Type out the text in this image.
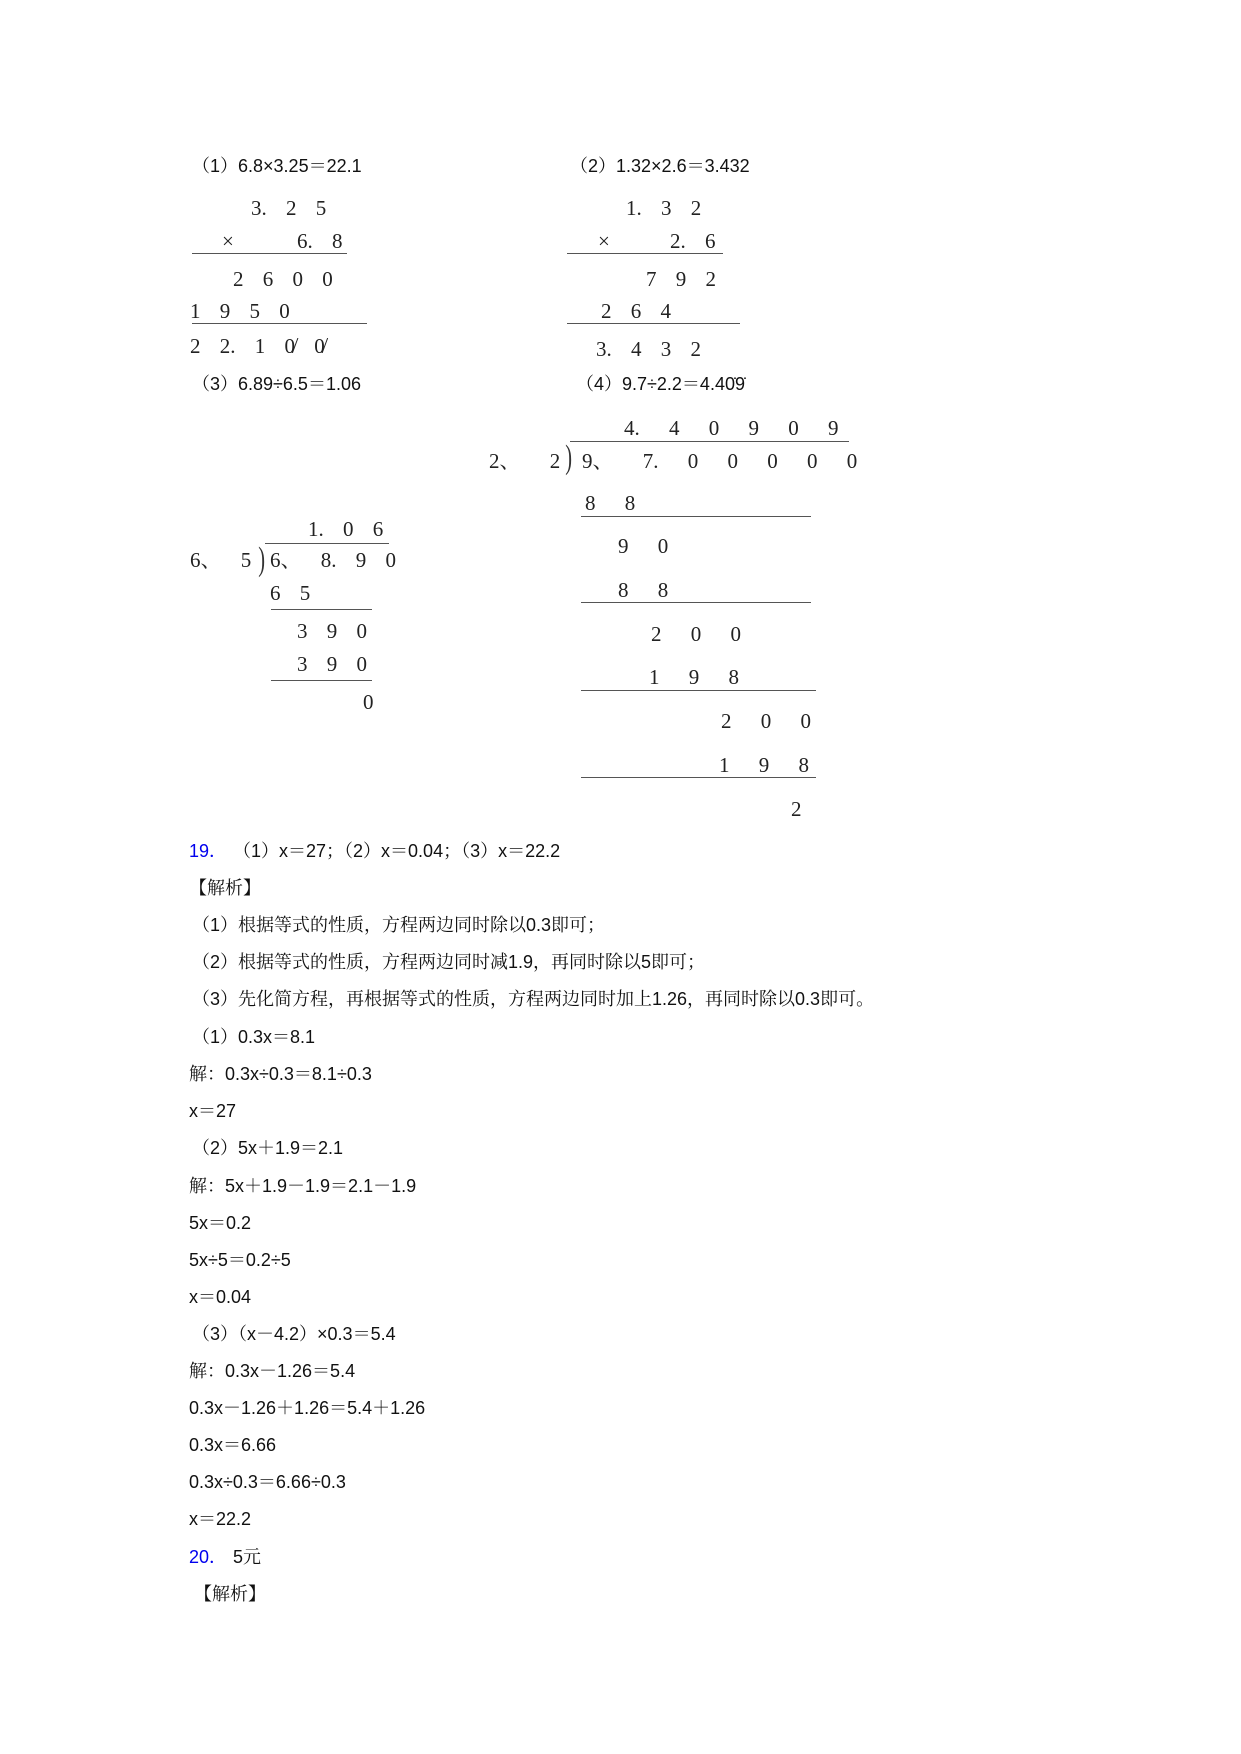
（1）6.8×3.25＝22.1	（2）1.32×2.6＝3.432
（3）6.89÷6.5＝1.06	（4）9.7÷2.2＝4.40̇9̇
3. 2 5
×	6. 8
2 6 0 0
1 9 5 0
2 2. 1 0̸ 0̸
1. 3 2
×	2. 6
7 9 2
2 6 4
3. 4 3 2
1. 0 6
)
6、 5 6、 8. 9 0
6 5
3 9 0
3 9 0
0
4. 4 0 9 0 9
)
2、 2 9、 7. 0 0 0 0 0
8 8
9 0
8 8
2 0 0
1 9 8
2 0 0
1 9 8
2
19． （1）x＝27；（2）x＝0.04；（3）x＝22.2
【解析】
（1）根据等式的性质，方程两边同时除以0.3即可；
（2）根据等式的性质，方程两边同时减1.9，再同时除以5即可；
（3）先化简方程，再根据等式的性质，方程两边同时加上1.26，再同时除以0.3即可。
（1）0.3x＝8.1
解：0.3x÷0.3＝8.1÷0.3
x＝27
（2）5x＋1.9＝2.1
解：5x＋1.9－1.9＝2.1－1.9
5x＝0.2
5x÷5＝0.2÷5
x＝0.04
（3）（x－4.2）×0.3＝5.4
解：0.3x－1.26＝5.4
0.3x－1.26＋1.26＝5.4＋1.26
0.3x＝6.66
0.3x÷0.3＝6.66÷0.3
x＝22.2
20． 5元
【解析】
